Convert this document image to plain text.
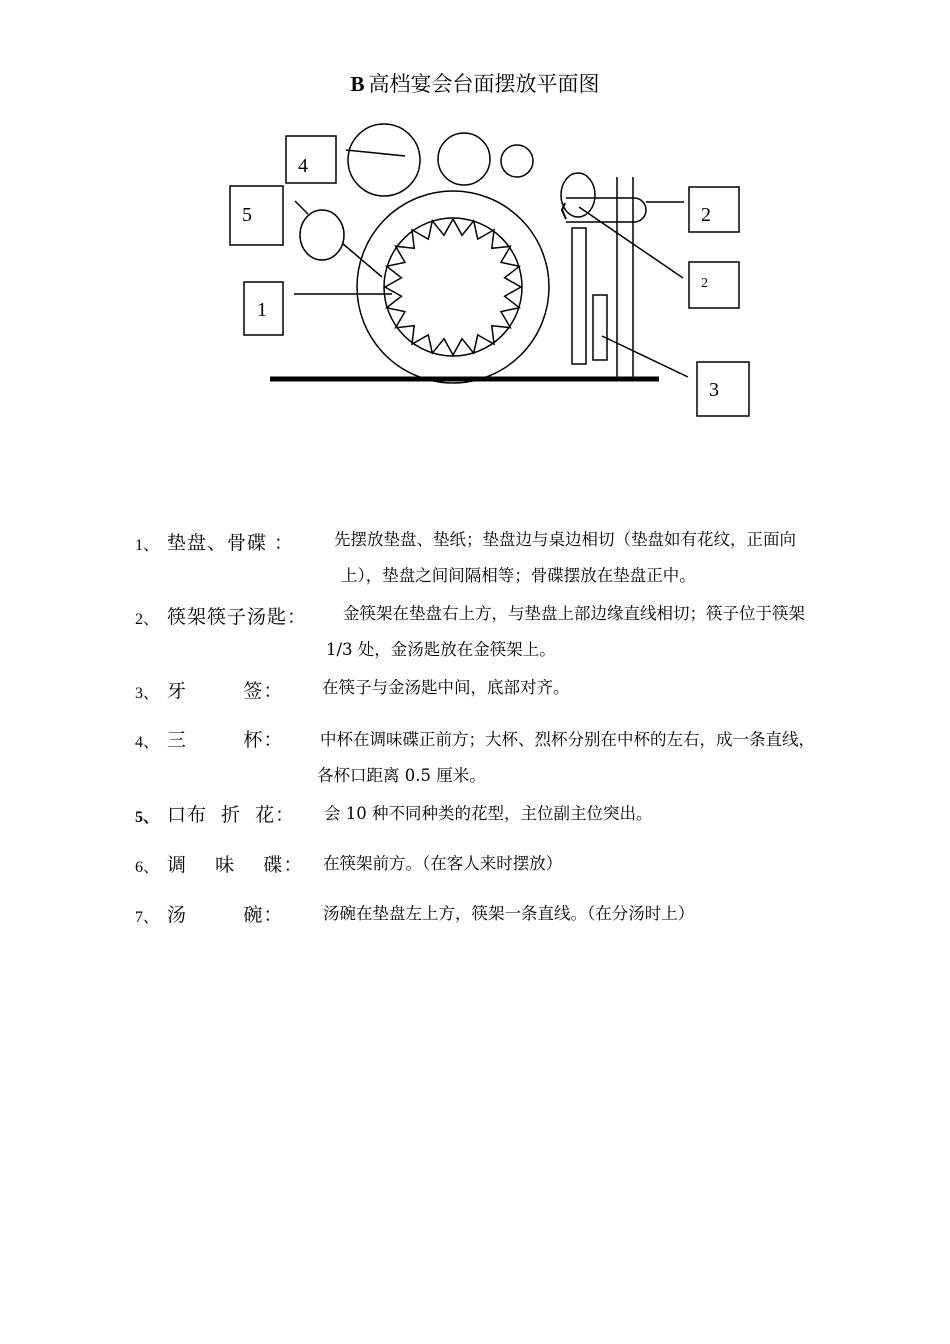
B 高档宴会台面摆放平面图
4
5
1
2
2
3
1、 垫盘、骨碟 ： 先摆放垫盘、垫纸；垫盘边与桌边相切（垫盘如有花纹，正面向
上），垫盘之间间隔相等；骨碟摆放在垫盘正中。
2、 筷架筷子汤匙： 金筷架在垫盘右上方，与垫盘上部边缘直线相切；筷子位于筷架
1/3 处，金汤匙放在金筷架上。
3、 牙        签： 在筷子与金汤匙中间，底部对齐。
4、 三        杯： 中杯在调味碟正前方；大杯、烈杯分别在中杯的左右，成一条直线，
各杯口距离 0.5 厘米。
5、 口布  折  花： 会 10 种不同种类的花型，主位副主位突出。
6、 调    味    碟： 在筷架前方。（在客人来时摆放）
7、 汤        碗： 汤碗在垫盘左上方，筷架一条直线。（在分汤时上）
